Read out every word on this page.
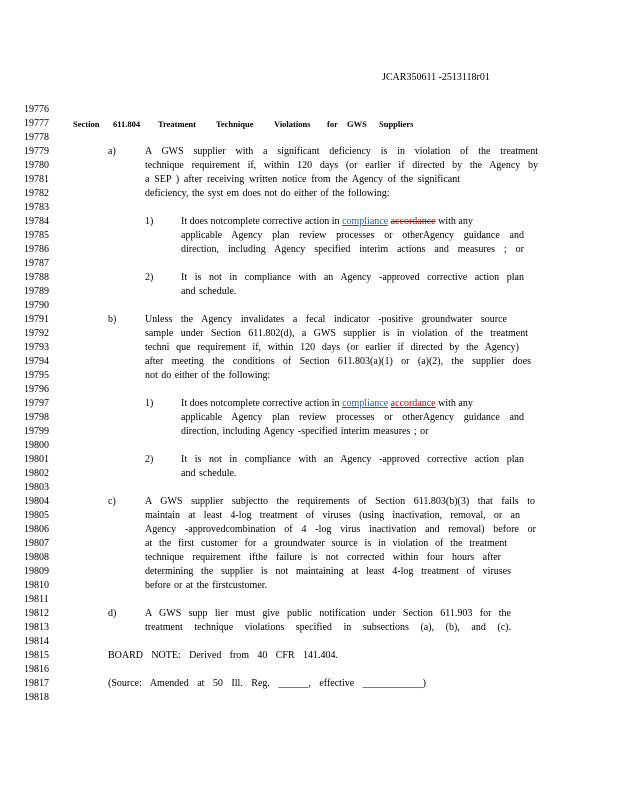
JCAR350611 -2513118r01
19776
19777
19778
19779
19780
19781
19782
19783
19784
19785
19786
19787
19788
19789
19790
19791
19792
19793
19794
19795
19796
19797
19798
19799
19800
19801
19802
19803
19804
19805
19806
19807
19808
19809
19810
19811
19812
19813
19814
19815
19816
19817
19818
Section 611.804 Treatment Technique Violations for GWS Suppliers
a)	A GWS supplier with a significant deficiency is in violation of the treatment
technique requirement if, within 120 days (or earlier if directed by the Agency by
a SEP ) after receiving written notice from the Agency of the significant
deficiency, the syst em does not do either of the following:
1)	It does notcomplete corrective action in compliance accordance with any
applicable Agency plan review processes or otherAgency guidance and
direction, including Agency specified interim actions and measures ; or
2)	It is not in compliance with an Agency -approved corrective action plan
and schedule.
b)	Unless the Agency invalidates a fecal indicator -positive groundwater source
sample under Section 611.802(d), a GWS supplier is in violation of the treatment
techni que requirement if, within 120 days (or earlier if directed by the Agency)
after meeting the conditions of Section 611.803(a)(1) or (a)(2), the supplier does
not do either of the following:
1)	It does notcomplete corrective action in compliance accordance with any
applicable Agency plan review processes or otherAgency guidance and
direction, including Agency -specified interim measures ; or
2)	It is not in compliance with an Agency -approved corrective action plan
and schedule.
c)	A GWS supplier subjectto the requirements of Section 611.803(b)(3) that fails to
maintain at least 4-log treatment of viruses (using inactivation, removal, or an
Agency -approvedcombination of 4 -log virus inactivation and removal) before or
at the first customer for a groundwater source is in violation of the treatment
technique requirement ifthe failure is not corrected within four hours after
determining the supplier is not maintaining at least 4-log treatment of viruses
before or at the firstcustomer.
d)	A GWS supp lier must give public notification under Section 611.903 for the
treatment technique violations specified in subsections (a), (b), and (c).
BOARD NOTE: Derived from 40 CFR 141.404.
(Source: Amended at 50 Ill. Reg. ______, effective ____________)
